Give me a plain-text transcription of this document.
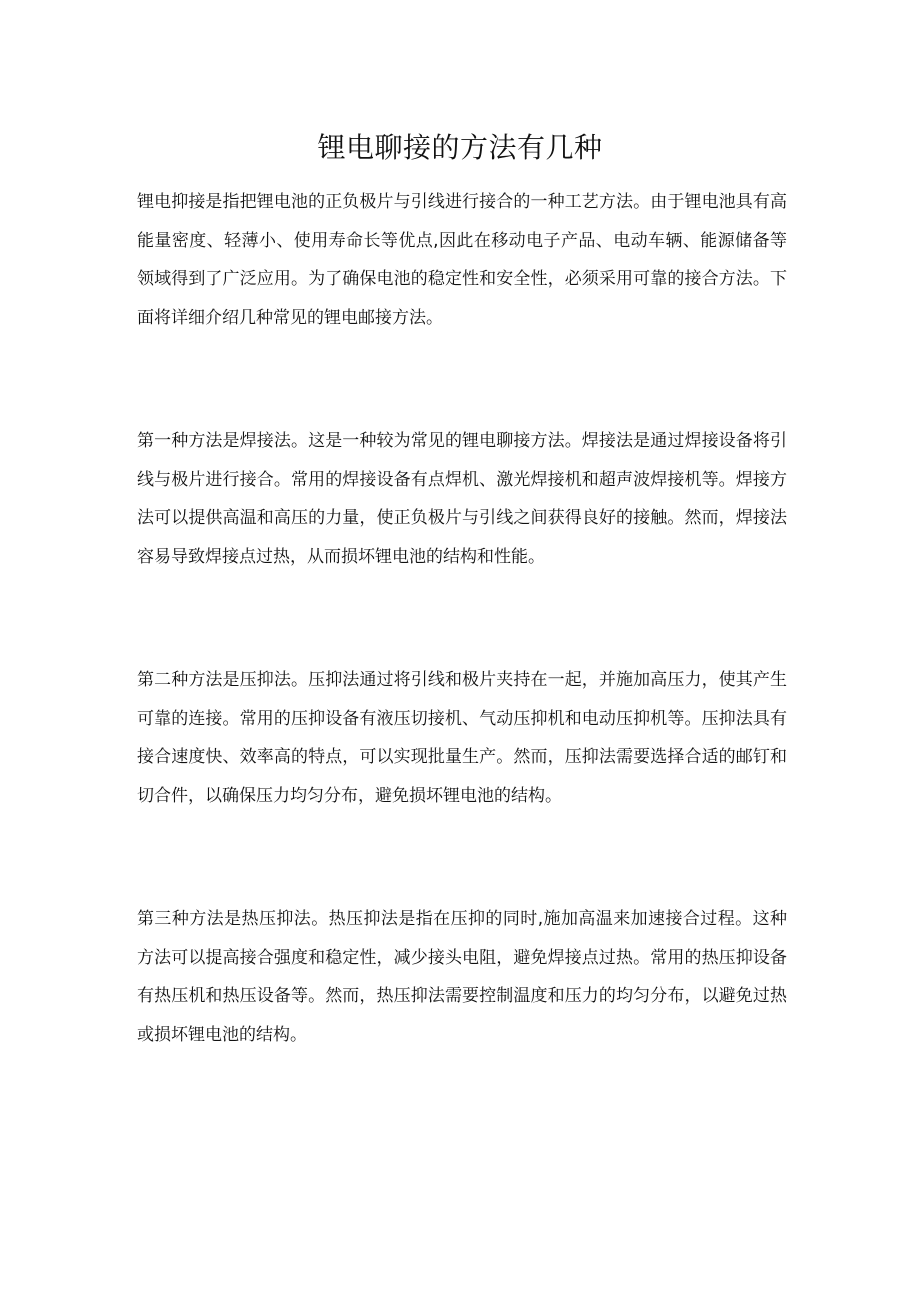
锂电聊接的方法有几种

锂电抑接是指把锂电池的正负极片与引线进行接合的一种工艺方法。由于锂电池具有高能量密度、轻薄小、使用寿命长等优点,因此在移动电子产品、电动车辆、能源储备等领域得到了广泛应用。为了确保电池的稳定性和安全性，必须采用可靠的接合方法。下面将详细介绍几种常见的锂电邮接方法。

第一种方法是焊接法。这是一种较为常见的锂电聊接方法。焊接法是通过焊接设备将引线与极片进行接合。常用的焊接设备有点焊机、激光焊接机和超声波焊接机等。焊接方法可以提供高温和高压的力量，使正负极片与引线之间获得良好的接触。然而，焊接法容易导致焊接点过热，从而损坏锂电池的结构和性能。

第二种方法是压抑法。压抑法通过将引线和极片夹持在一起，并施加高压力，使其产生可靠的连接。常用的压抑设备有液压切接机、气动压抑机和电动压抑机等。压抑法具有接合速度快、效率高的特点，可以实现批量生产。然而，压抑法需要选择合适的邮钉和切合件，以确保压力均匀分布，避免损坏锂电池的结构。

第三种方法是热压抑法。热压抑法是指在压抑的同时,施加高温来加速接合过程。这种方法可以提高接合强度和稳定性，减少接头电阻，避免焊接点过热。常用的热压抑设备有热压机和热压设备等。然而，热压抑法需要控制温度和压力的均匀分布，以避免过热或损坏锂电池的结构。
